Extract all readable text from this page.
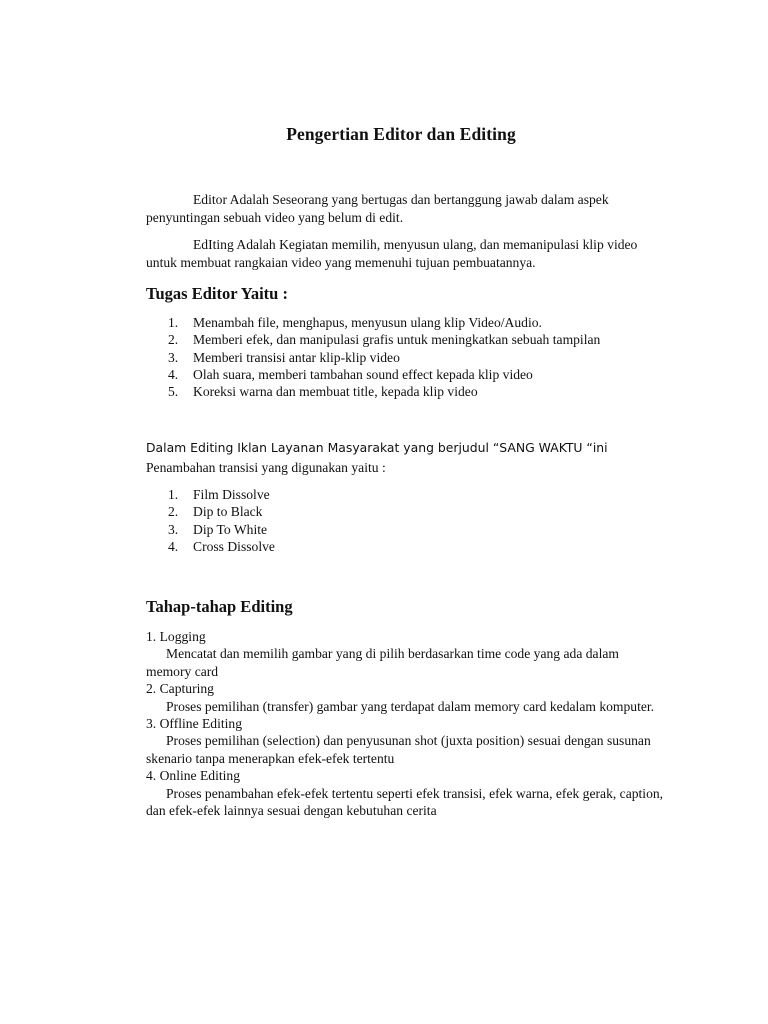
Pengertian Editor dan Editing
Editor Adalah Seseorang yang bertugas dan bertanggung jawab dalam aspek penyuntingan sebuah video yang belum di edit.
EdIting Adalah Kegiatan memilih, menyusun ulang, dan memanipulasi klip video untuk membuat rangkaian video yang memenuhi tujuan pembuatannya.
Tugas Editor Yaitu :
1. Menambah file, menghapus, menyusun ulang klip Video/Audio.
2. Memberi efek, dan manipulasi grafis untuk meningkatkan sebuah tampilan
3. Memberi transisi antar klip-klip video
4. Olah suara, memberi tambahan sound effect kepada klip video
5. Koreksi warna dan membuat title, kepada klip video
Dalam Editing Iklan Layanan Masyarakat yang berjudul “SANG WAKTU “ini
Penambahan transisi yang digunakan yaitu :
1. Film Dissolve
2. Dip to Black
3. Dip To White
4. Cross Dissolve
Tahap-tahap Editing
1. Logging
Mencatat dan memilih gambar yang di pilih berdasarkan time code yang ada dalam memory card
2. Capturing
Proses pemilihan (transfer) gambar yang terdapat dalam memory card kedalam komputer.
3. Offline Editing
Proses pemilihan (selection) dan penyusunan shot (juxta position) sesuai dengan susunan skenario tanpa menerapkan efek-efek tertentu
4. Online Editing
Proses penambahan efek-efek tertentu seperti efek transisi, efek warna, efek gerak, caption, dan efek-efek lainnya sesuai dengan kebutuhan cerita
